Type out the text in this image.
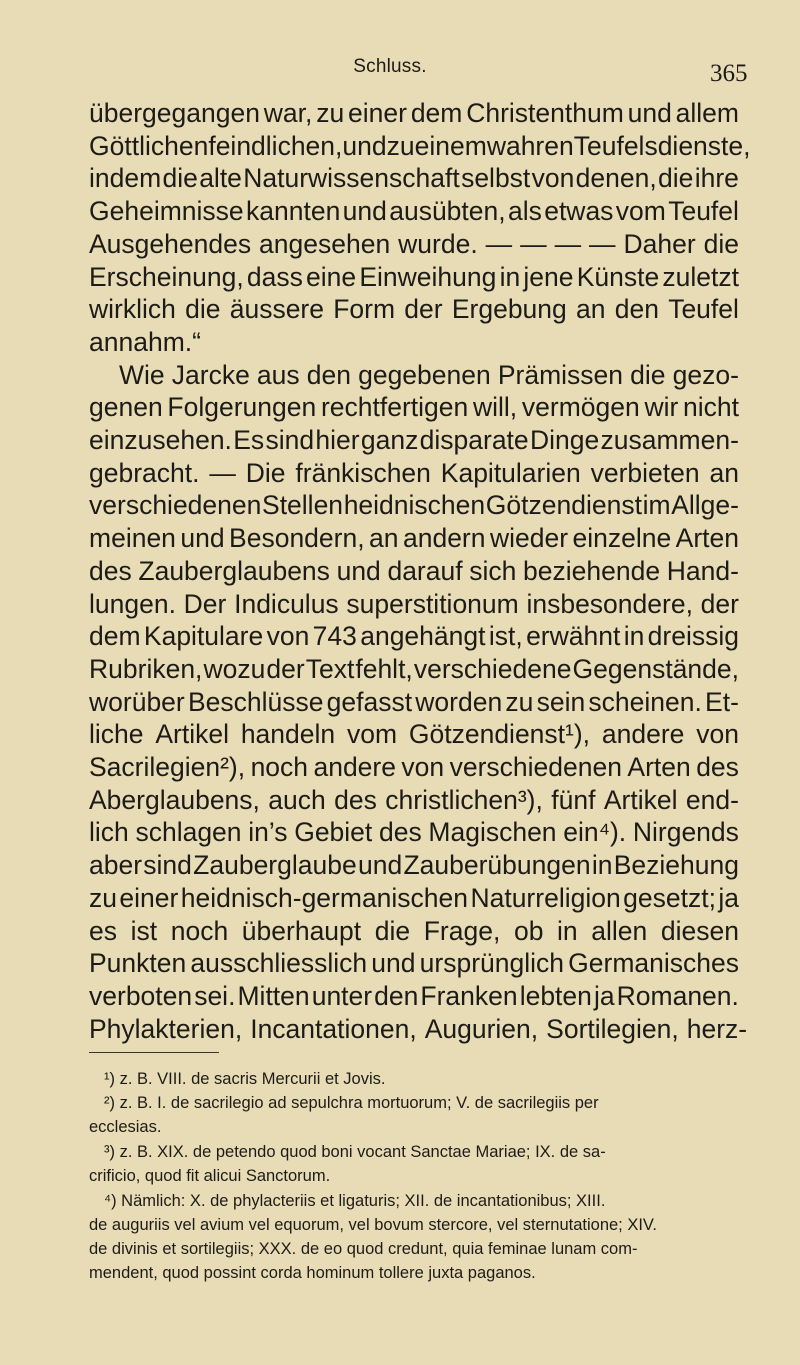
Schluss.	365
übergegangen war, zu einer dem Christenthum und allem
Göttlichen feindlichen, und zu einem wahren Teufelsdienste,
indem die alte Naturwissenschaft selbst von denen, die ihre
Geheimnisse kannten und ausübten, als etwas vom Teufel
Ausgehendes angesehen wurde. — — — — Daher die
Erscheinung, dass eine Einweihung in jene Künste zuletzt
wirklich die äussere Form der Ergebung an den Teufel
annahm.“
Wie Jarcke aus den gegebenen Prämissen die gezo-
genen Folgerungen rechtfertigen will, vermögen wir nicht
einzusehen. Es sind hier ganz disparate Dinge zusammen-
gebracht. — Die fränkischen Kapitularien verbieten an
verschiedenen Stellen heidnischen Götzendienst im Allge-
meinen und Besondern, an andern wieder einzelne Arten
des Zauberglaubens und darauf sich beziehende Hand-
lungen. Der Indiculus superstitionum insbesondere, der
dem Kapitulare von 743 angehängt ist, erwähnt in dreissig
Rubriken, wozu der Text fehlt, verschiedene Gegenstände,
worüber Beschlüsse gefasst worden zu sein scheinen. Et-
liche Artikel handeln vom Götzendienst¹), andere von
Sacrilegien²), noch andere von verschiedenen Arten des
Aberglaubens, auch des christlichen³), fünf Artikel end-
lich schlagen in’s Gebiet des Magischen ein⁴). Nirgends
aber sind Zauberglaube und Zauberübungen in Beziehung
zu einer heidnisch-germanischen Naturreligion gesetzt; ja
es ist noch überhaupt die Frage, ob in allen diesen
Punkten ausschliesslich und ursprünglich Germanisches
verboten sei. Mitten unter den Franken lebten ja Romanen.
Phylakterien, Incantationen, Augurien, Sortilegien, herz-
¹) z. B. VIII. de sacris Mercurii et Jovis.
²) z. B. I. de sacrilegio ad sepulchra mortuorum; V. de sacrilegiis per
ecclesias.
³) z. B. XIX. de petendo quod boni vocant Sanctae Mariae; IX. de sa-
crificio, quod fit alicui Sanctorum.
⁴) Nämlich: X. de phylacteriis et ligaturis; XII. de incantationibus; XIII.
de auguriis vel avium vel equorum, vel bovum stercore, vel sternutatione; XIV.
de divinis et sortilegiis; XXX. de eo quod credunt, quia feminae lunam com-
mendent, quod possint corda hominum tollere juxta paganos.
